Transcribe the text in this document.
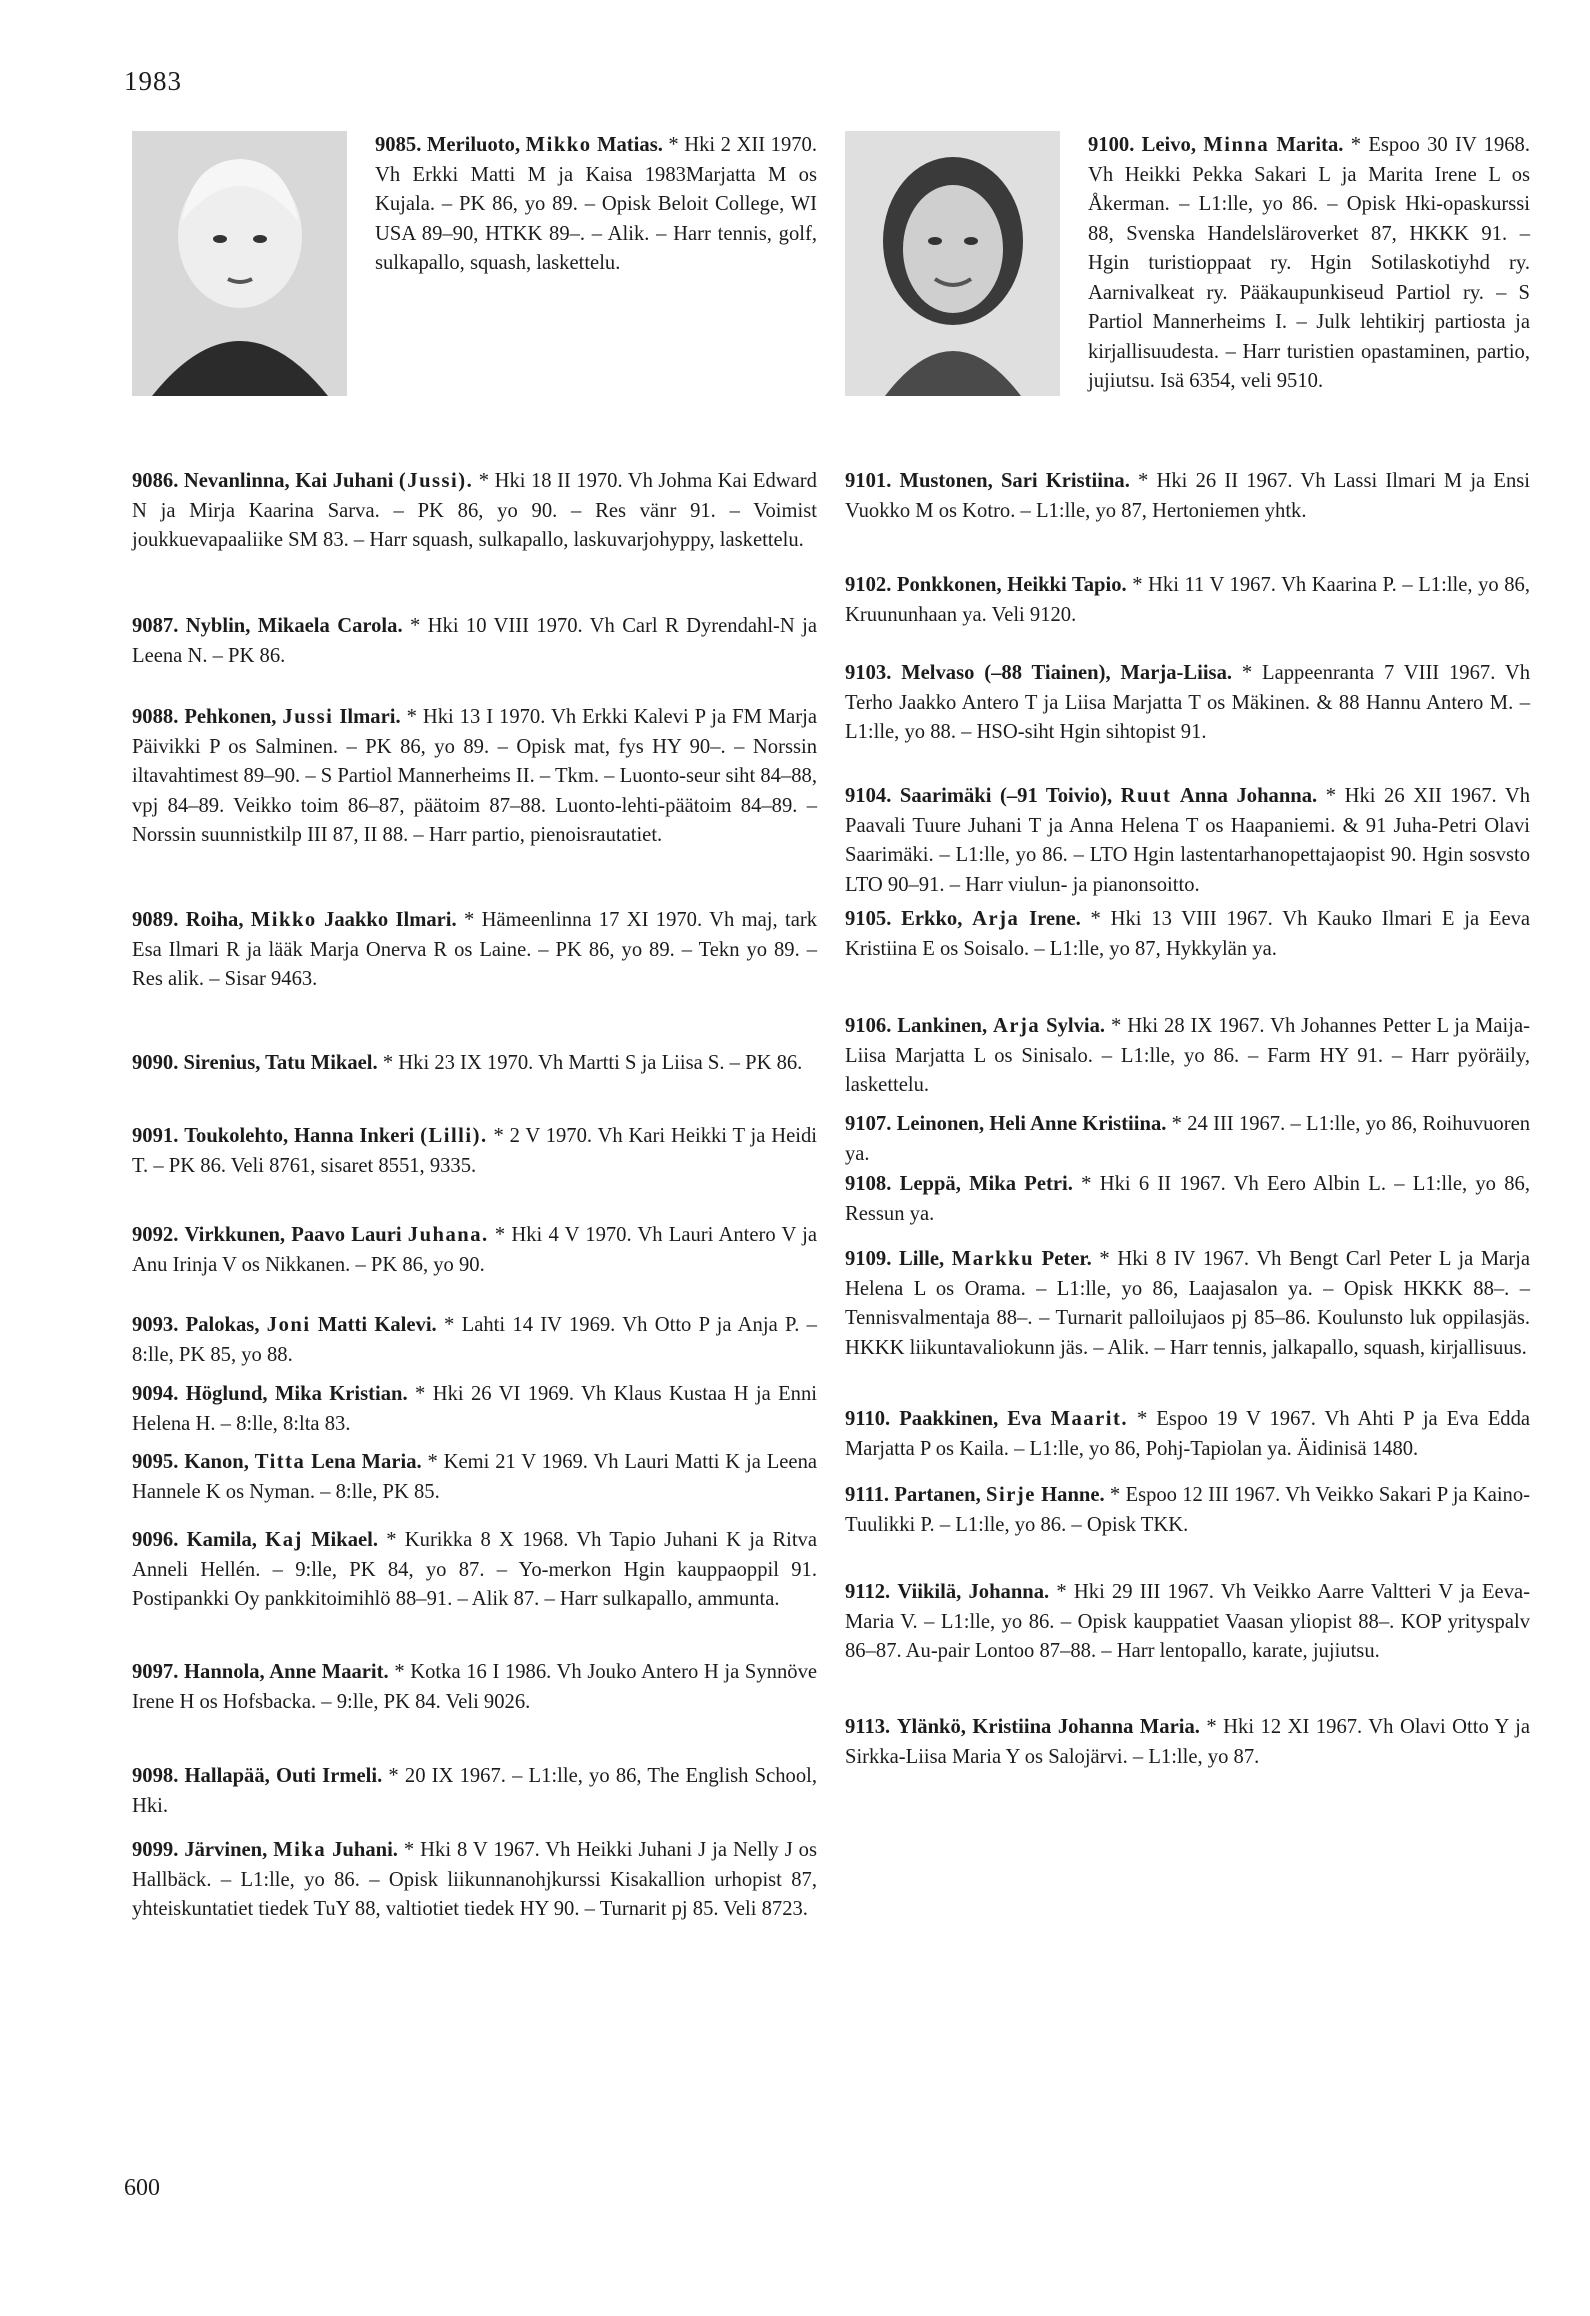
1983
9085. Meriluoto, Mikko Matias. * Hki 2 XII 1970. Vh Erkki Matti M ja Kaisa 1983Marjatta M os Kujala. – PK 86, yo 89. – Opisk Beloit College, WI USA 89–90, HTKK 89–. – Alik. – Harr tennis, golf, sulkapallo, squash, laskettelu.
9086. Nevanlinna, Kai Juhani (Jussi). * Hki 18 II 1970. Vh Johma Kai Edward N ja Mirja Kaarina Sarva. – PK 86, yo 90. – Res vänr 91. – Voimist joukkuevapaaliike SM 83. – Harr squash, sulkapallo, laskuvarjohyppy, laskettelu.
9087. Nyblin, Mikaela Carola. * Hki 10 VIII 1970. Vh Carl R Dyrendahl-N ja Leena N. – PK 86.
9088. Pehkonen, Jussi Ilmari. * Hki 13 I 1970. Vh Erkki Kalevi P ja FM Marja Päivikki P os Salminen. – PK 86, yo 89. – Opisk mat, fys HY 90–. – Norssin iltavahtimest 89–90. – S Partiol Mannerheims II. – Tkm. – Luonto-seur siht 84–88, vpj 84–89. Veikko toim 86–87, päätoim 87–88. Luonto-lehti-päätoim 84–89. – Norssin suunnistkilp III 87, II 88. – Harr partio, pienoisrautatiet.
9089. Roiha, Mikko Jaakko Ilmari. * Hämeenlinna 17 XI 1970. Vh maj, tark Esa Ilmari R ja lääk Marja Onerva R os Laine. – PK 86, yo 89. – Tekn yo 89. – Res alik. – Sisar 9463.
9090. Sirenius, Tatu Mikael. * Hki 23 IX 1970. Vh Martti S ja Liisa S. – PK 86.
9091. Toukolehto, Hanna Inkeri (Lilli). * 2 V 1970. Vh Kari Heikki T ja Heidi T. – PK 86. Veli 8761, sisaret 8551, 9335.
9092. Virkkunen, Paavo Lauri Juhana. * Hki 4 V 1970. Vh Lauri Antero V ja Anu Irinja V os Nikkanen. – PK 86, yo 90.
9093. Palokas, Joni Matti Kalevi. * Lahti 14 IV 1969. Vh Otto P ja Anja P. – 8:lle, PK 85, yo 88.
9094. Höglund, Mika Kristian. * Hki 26 VI 1969. Vh Klaus Kustaa H ja Enni Helena H. – 8:lle, 8:lta 83.
9095. Kanon, Titta Lena Maria. * Kemi 21 V 1969. Vh Lauri Matti K ja Leena Hannele K os Nyman. – 8:lle, PK 85.
9096. Kamila, Kaj Mikael. * Kurikka 8 X 1968. Vh Tapio Juhani K ja Ritva Anneli Hellén. – 9:lle, PK 84, yo 87. – Yo-merkon Hgin kauppaoppil 91. Postipankki Oy pankkitoimihlö 88–91. – Alik 87. – Harr sulkapallo, ammunta.
9097. Hannola, Anne Maarit. * Kotka 16 I 1986. Vh Jouko Antero H ja Synnöve Irene H os Hofsbacka. – 9:lle, PK 84. Veli 9026.
9098. Hallapää, Outi Irmeli. * 20 IX 1967. – L1:lle, yo 86, The English School, Hki.
9099. Järvinen, Mika Juhani. * Hki 8 V 1967. Vh Heikki Juhani J ja Nelly J os Hallbäck. – L1:lle, yo 86. – Opisk liikunnanohjkurssi Kisakallion urhopist 87, yhteiskuntatiet tiedek TuY 88, valtiotiet tiedek HY 90. – Turnarit pj 85. Veli 8723.
9100. Leivo, Minna Marita. * Espoo 30 IV 1968. Vh Heikki Pekka Sakari L ja Marita Irene L os Åkerman. – L1:lle, yo 86. – Opisk Hki-opaskurssi 88, Svenska Handelsläroverket 87, HKKK 91. – Hgin turistioppaat ry. Hgin Sotilaskotiyhd ry. Aarnivalkeat ry. Pääkaupunkiseud Partiol ry. – S Partiol Mannerheims I. – Julk lehtikirj partiosta ja kirjallisuudesta. – Harr turistien opastaminen, partio, jujiutsu. Isä 6354, veli 9510.
9101. Mustonen, Sari Kristiina. * Hki 26 II 1967. Vh Lassi Ilmari M ja Ensi Vuokko M os Kotro. – L1:lle, yo 87, Hertoniemen yhtk.
9102. Ponkkonen, Heikki Tapio. * Hki 11 V 1967. Vh Kaarina P. – L1:lle, yo 86, Kruununhaan ya. Veli 9120.
9103. Melvaso (–88 Tiainen), Marja-Liisa. * Lappeenranta 7 VIII 1967. Vh Terho Jaakko Antero T ja Liisa Marjatta T os Mäkinen. & 88 Hannu Antero M. – L1:lle, yo 88. – HSO-siht Hgin sihtopist 91.
9104. Saarimäki (–91 Toivio), Ruut Anna Johanna. * Hki 26 XII 1967. Vh Paavali Tuure Juhani T ja Anna Helena T os Haapaniemi. & 91 Juha-Petri Olavi Saarimäki. – L1:lle, yo 86. – LTO Hgin lastentarhanopettajaopist 90. Hgin sosvsto LTO 90–91. – Harr viulun- ja pianonsoitto.
9105. Erkko, Arja Irene. * Hki 13 VIII 1967. Vh Kauko Ilmari E ja Eeva Kristiina E os Soisalo. – L1:lle, yo 87, Hykkylän ya.
9106. Lankinen, Arja Sylvia. * Hki 28 IX 1967. Vh Johannes Petter L ja Maija-Liisa Marjatta L os Sinisalo. – L1:lle, yo 86. – Farm HY 91. – Harr pyöräily, laskettelu.
9107. Leinonen, Heli Anne Kristiina. * 24 III 1967. – L1:lle, yo 86, Roihuvuoren ya.
9108. Leppä, Mika Petri. * Hki 6 II 1967. Vh Eero Albin L. – L1:lle, yo 86, Ressun ya.
9109. Lille, Markku Peter. * Hki 8 IV 1967. Vh Bengt Carl Peter L ja Marja Helena L os Orama. – L1:lle, yo 86, Laajasalon ya. – Opisk HKKK 88–. – Tennisvalmentaja 88–. – Turnarit palloilujaos pj 85–86. Koulunsto luk oppilasjäs. HKKK liikuntavaliokunn jäs. – Alik. – Harr tennis, jalkapallo, squash, kirjallisuus.
9110. Paakkinen, Eva Maarit. * Espoo 19 V 1967. Vh Ahti P ja Eva Edda Marjatta P os Kaila. – L1:lle, yo 86, Pohj-Tapiolan ya. Äidinisä 1480.
9111. Partanen, Sirje Hanne. * Espoo 12 III 1967. Vh Veikko Sakari P ja Kaino-Tuulikki P. – L1:lle, yo 86. – Opisk TKK.
9112. Viikilä, Johanna. * Hki 29 III 1967. Vh Veikko Aarre Valtteri V ja Eeva-Maria V. – L1:lle, yo 86. – Opisk kauppatiet Vaasan yliopist 88–. KOP yrityspalv 86–87. Au-pair Lontoo 87–88. – Harr lentopallo, karate, jujiutsu.
9113. Ylänkö, Kristiina Johanna Maria. * Hki 12 XI 1967. Vh Olavi Otto Y ja Sirkka-Liisa Maria Y os Salojärvi. – L1:lle, yo 87.
600
